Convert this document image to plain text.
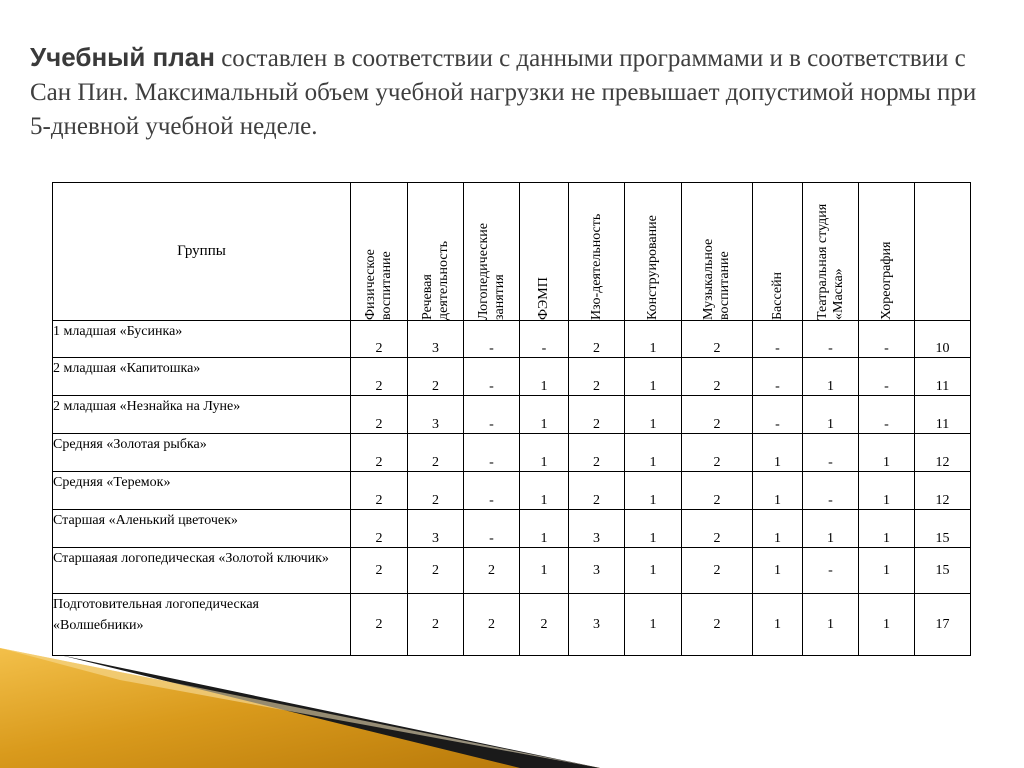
Учебный план составлен в соответствии с данными программами и в соответствии с Сан Пин. Максимальный объем учебной нагрузки не превышает допустимой нормы при 5-дневной учебной неделе.
Группы	Физическое воспитание	Речевая деятельность	Логопедические занятия	ФЭМП	Изо-деятельность	Конструирование	Музыкальное воспитание	Бассейн	Театральная студия «Маска»	Хореография	

1 младшая «Бусинка»	2	3	-	-	2	1	2	-	-	-	10
2 младшая «Капитошка»	2	2	-	1	2	1	2	-	1	-	11
2 младшая «Незнайка на Луне»	2	3	-	1	2	1	2	-	1	-	11
Средняя «Золотая рыбка»	2	2	-	1	2	1	2	1	-	1	12
Средняя «Теремок»	2	2	-	1	2	1	2	1	-	1	12
Старшая «Аленький цветочек»	2	3	-	1	3	1	2	1	1	1	15
Старшаяая логопедическая «Золотой ключик»	2	2	2	1	3	1	2	1	-	1	15
Подготовительная логопедическая «Волшебники»	2	2	2	2	3	1	2	1	1	1	17
